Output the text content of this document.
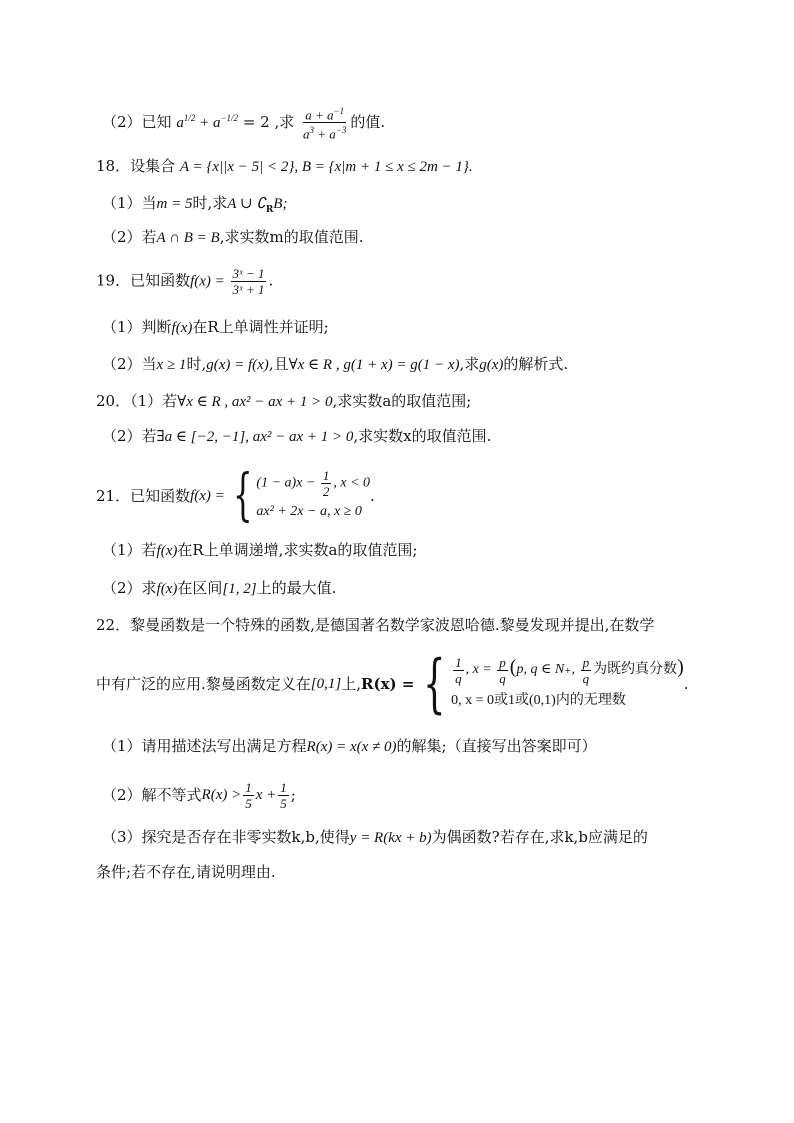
（2）已知 $a^{1/2} + a^{-1/2} = 2$ ,求 $\frac{a + a^{-1}}{a^3 + a^{-3}}$ 的值.
18．设集合 A = {x||x − 5| < 2}, B = {x|m + 1 ≤ x ≤ 2m − 1}.
（1）当m = 5时,求A ∪ $∁_RB$;
（2）若A ∩ B = B,求实数m的取值范围.
19．已知函数$f(x) = \frac{\text{3ˣ − 1}}{\text{3ˣ + 1}}$ .
（1）判断f(x)在R上单调性并证明;
（2）当x ≥ 1时,g(x) = f(x),且∀x ∈ R , g(1 + x) = g(1 − x),求g(x)的解析式.
20．（1）若∀x ∈ R , ax² − ax + 1 > 0,求实数a的取值范围;
（2）若∃a ∈ [−2, −1], ax² − ax + 1 > 0,求实数x的取值范围.
21．已知函数 f(x) = { $(1 - a)x - \frac{1}{2}$ , x < 0
ax² + 2x − a, x ≥ 0
.
（1）若f(x)在R上单调递增,求实数a的取值范围;
（2）求f(x)在区间[1, 2]上的最大值.
22．黎曼函数是一个特殊的函数,是德国著名数学家波恩哈德.黎曼发现并提出,在数学
中有广泛的应用.黎曼函数定义在 [0,1] 上, R(x) = { $\frac{1}{q}$ , $x = \frac{p}{q} (p$, q ∈ N₊, $\frac{p}{q}$ 为既约真分数)
0, x = 0或1或(0,1)内的无理数
.
（1）请用描述法写出满足方程R(x) = x(x ≠ 0)的解集;（直接写出答案即可）
（2）解不等式 $R(x) > \frac{1}{5}$ $x + \frac{1}{5}$ ;
（3）探究是否存在非零实数k,b,使得y = R(kx + b)为偶函数?若存在,求k,b应满足的
条件;若不存在,请说明理由.
